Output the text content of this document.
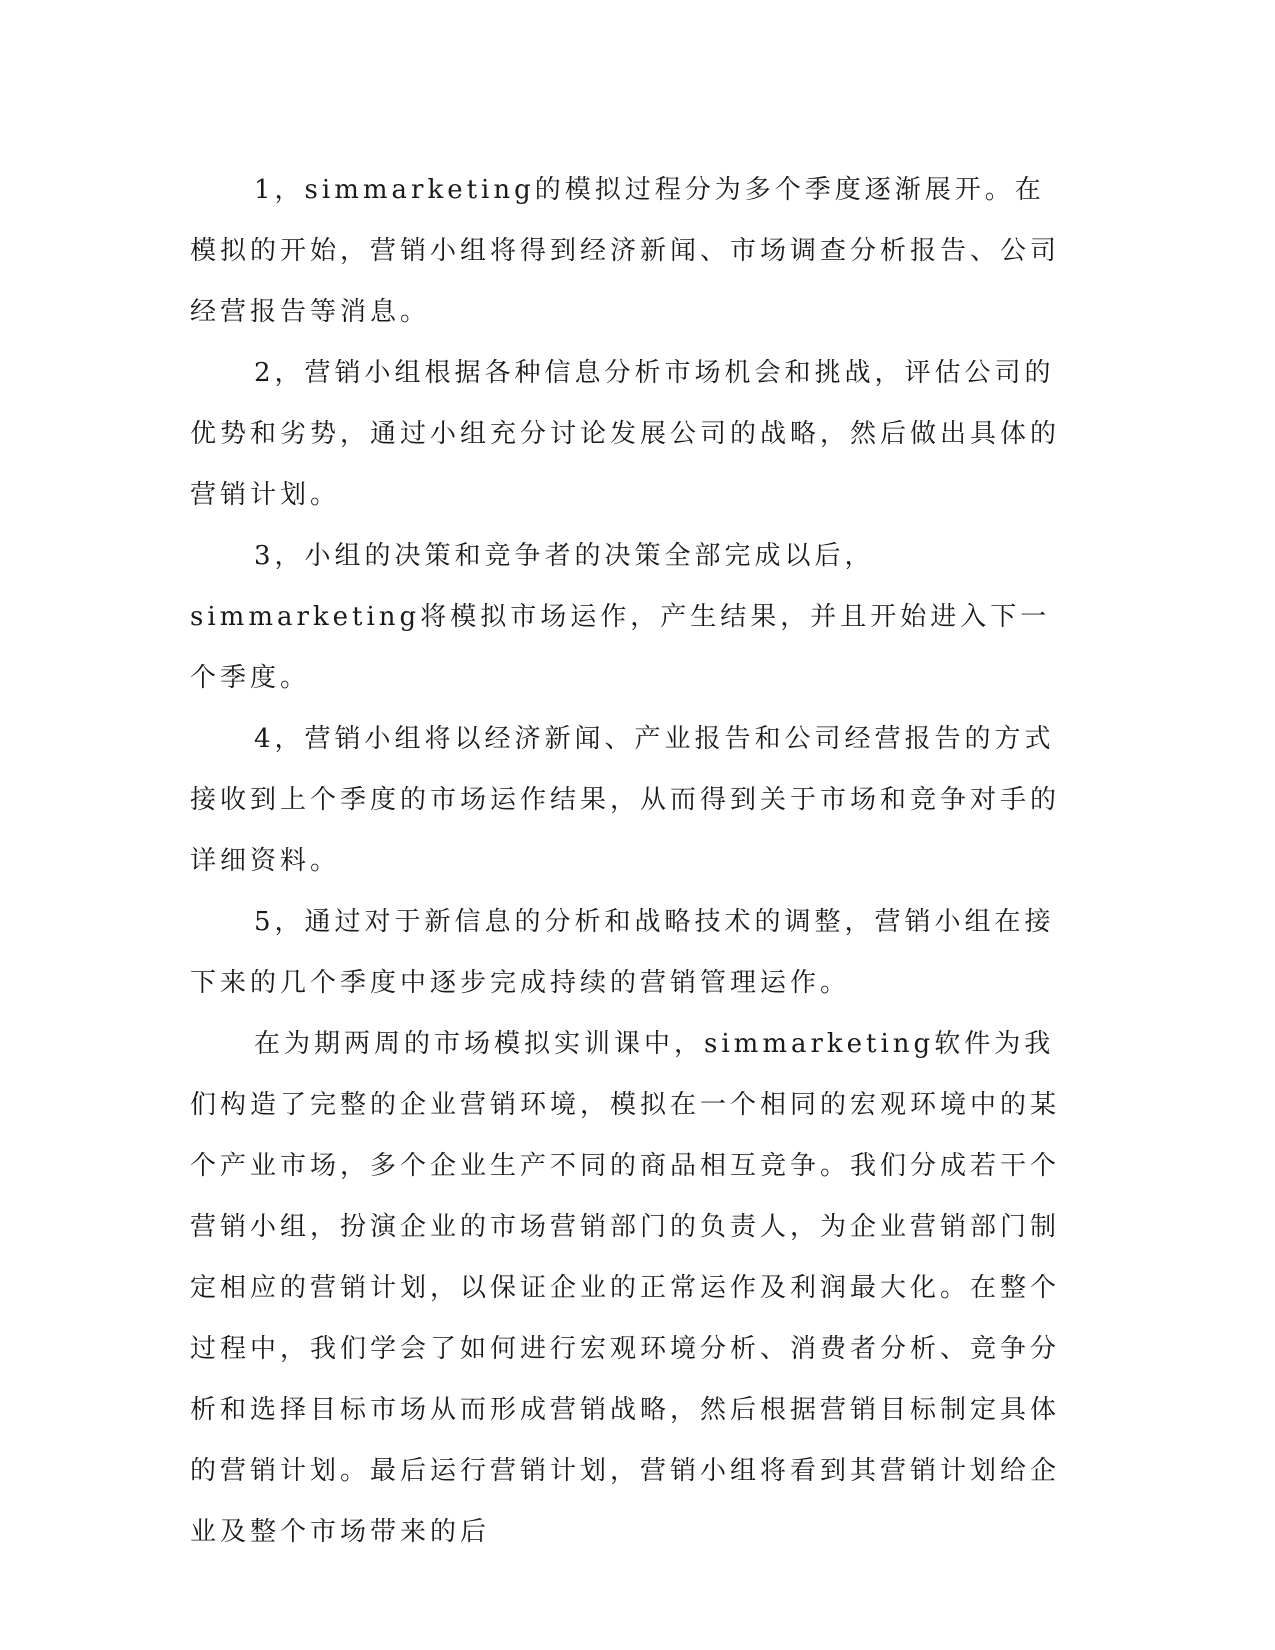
1，simmarketing的模拟过程分为多个季度逐渐展开。在模拟的开始，营销小组将得到经济新闻、市场调查分析报告、公司经营报告等消息。

2，营销小组根据各种信息分析市场机会和挑战，评估公司的优势和劣势，通过小组充分讨论发展公司的战略，然后做出具体的营销计划。

3，小组的决策和竞争者的决策全部完成以后，simmarketing将模拟市场运作，产生结果，并且开始进入下一个季度。

4，营销小组将以经济新闻、产业报告和公司经营报告的方式接收到上个季度的市场运作结果，从而得到关于市场和竞争对手的详细资料。

5，通过对于新信息的分析和战略技术的调整，营销小组在接下来的几个季度中逐步完成持续的营销管理运作。

在为期两周的市场模拟实训课中，simmarketing软件为我们构造了完整的企业营销环境，模拟在一个相同的宏观环境中的某个产业市场，多个企业生产不同的商品相互竞争。我们分成若干个营销小组，扮演企业的市场营销部门的负责人，为企业营销部门制定相应的营销计划，以保证企业的正常运作及利润最大化。在整个过程中，我们学会了如何进行宏观环境分析、消费者分析、竞争分析和选择目标市场从而形成营销战略，然后根据营销目标制定具体的营销计划。最后运行营销计划，营销小组将看到其营销计划给企业及整个市场带来的后
